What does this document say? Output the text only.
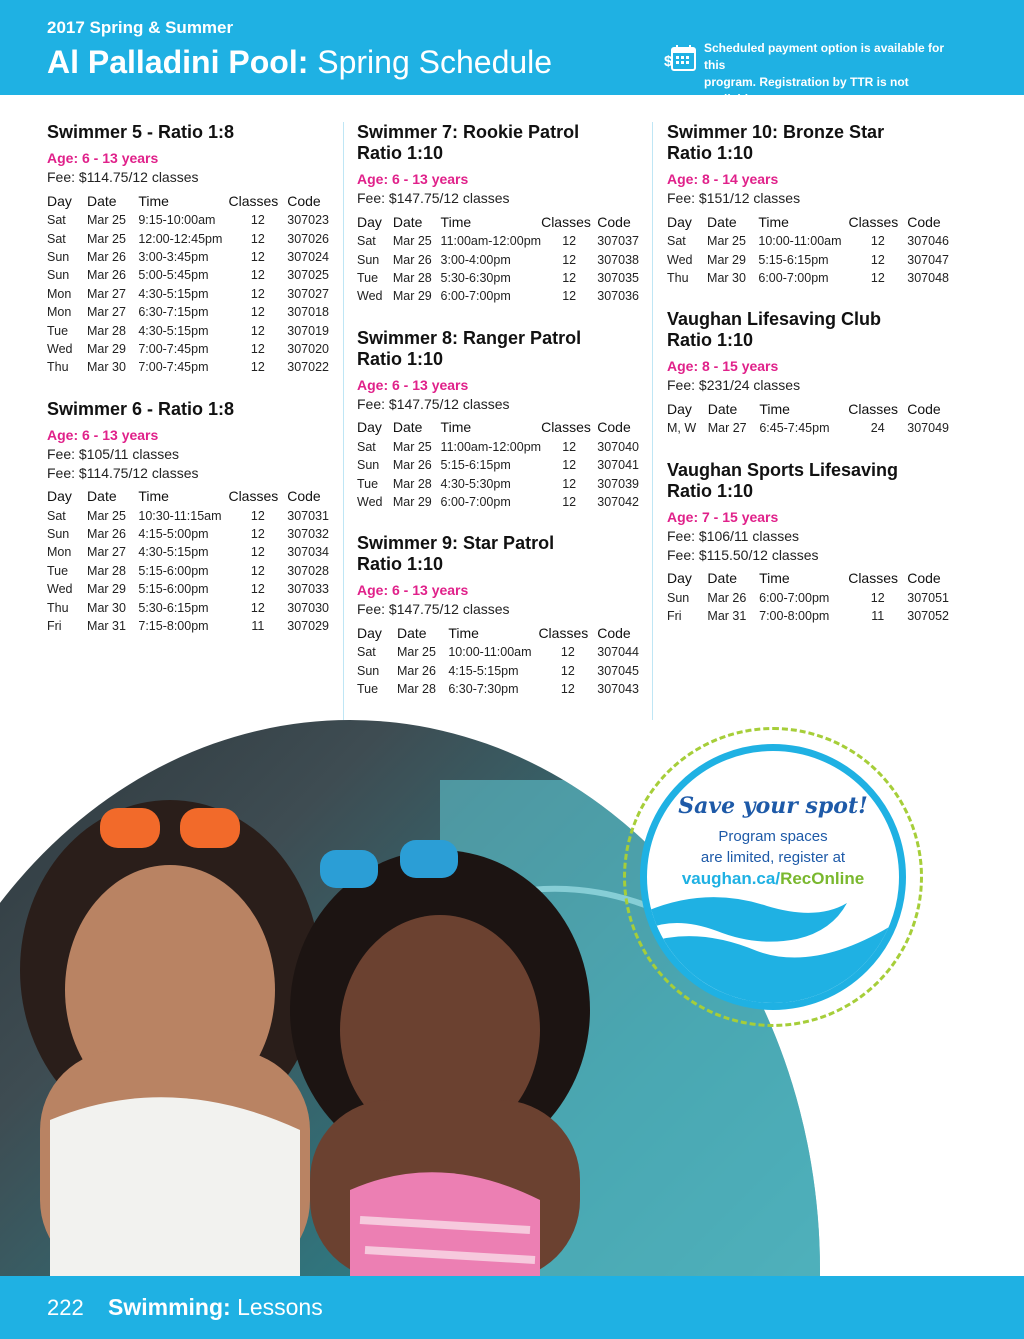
2017 Spring & Summer
Al Palladini Pool: Spring Schedule	$
Scheduled payment option is available for this
program. Registration by TTR is not available.
Swimmer 5 - Ratio 1:8
Age: 6 - 13 years
Fee: $114.75/12 classes
Day	Date	Time	Classes	Code
Sat	Mar 25	9:15-10:00am	12	307023
Sat	Mar 25	12:00-12:45pm	12	307026
Sun	Mar 26	3:00-3:45pm	12	307024
Sun	Mar 26	5:00-5:45pm	12	307025
Mon	Mar 27	4:30-5:15pm	12	307027
Mon	Mar 27	6:30-7:15pm	12	307018
Tue	Mar 28	4:30-5:15pm	12	307019
Wed	Mar 29	7:00-7:45pm	12	307020
Thu	Mar 30	7:00-7:45pm	12	307022
Swimmer 6 - Ratio 1:8
Age: 6 - 13 years
Fee: $105/11 classes
Fee: $114.75/12 classes
Day	Date	Time	Classes	Code
Sat	Mar 25	10:30-11:15am	12	307031
Sun	Mar 26	4:15-5:00pm	12	307032
Mon	Mar 27	4:30-5:15pm	12	307034
Tue	Mar 28	5:15-6:00pm	12	307028
Wed	Mar 29	5:15-6:00pm	12	307033
Thu	Mar 30	5:30-6:15pm	12	307030
Fri	Mar 31	7:15-8:00pm	11	307029
Swimmer 7: Rookie Patrol
Ratio 1:10
Age: 6 - 13 years
Fee: $147.75/12 classes
Day	Date	Time	Classes	Code
Sat	Mar 25	11:00am-12:00pm	12	307037
Sun	Mar 26	3:00-4:00pm	12	307038
Tue	Mar 28	5:30-6:30pm	12	307035
Wed	Mar 29	6:00-7:00pm	12	307036
Swimmer 8: Ranger Patrol
Ratio 1:10
Age: 6 - 13 years
Fee: $147.75/12 classes
Day	Date	Time	Classes	Code
Sat	Mar 25	11:00am-12:00pm	12	307040
Sun	Mar 26	5:15-6:15pm	12	307041
Tue	Mar 28	4:30-5:30pm	12	307039
Wed	Mar 29	6:00-7:00pm	12	307042
Swimmer 9: Star Patrol
Ratio 1:10
Age: 6 - 13 years
Fee: $147.75/12 classes
Day	Date	Time	Classes	Code
Sat	Mar 25	10:00-11:00am	12	307044
Sun	Mar 26	4:15-5:15pm	12	307045
Tue	Mar 28	6:30-7:30pm	12	307043
Swimmer 10: Bronze Star
Ratio 1:10
Age: 8 - 14 years
Fee: $151/12 classes
Day	Date	Time	Classes	Code
Sat	Mar 25	10:00-11:00am	12	307046
Wed	Mar 29	5:15-6:15pm	12	307047
Thu	Mar 30	6:00-7:00pm	12	307048
Vaughan Lifesaving Club
Ratio 1:10
Age: 8 - 15 years
Fee: $231/24 classes
Day	Date	Time	Classes	Code
M, W	Mar 27	6:45-7:45pm	24	307049
Vaughan Sports Lifesaving
Ratio 1:10
Age: 7 - 15 years
Fee: $106/11 classes
Fee: $115.50/12 classes
Day	Date	Time	Classes	Code
Sun	Mar 26	6:00-7:00pm	12	307051
Fri	Mar 31	7:00-8:00pm	11	307052
Save your spot!
Program spaces
are limited, register at
vaughan.ca/RecOnline
222 Swimming: Lessons
